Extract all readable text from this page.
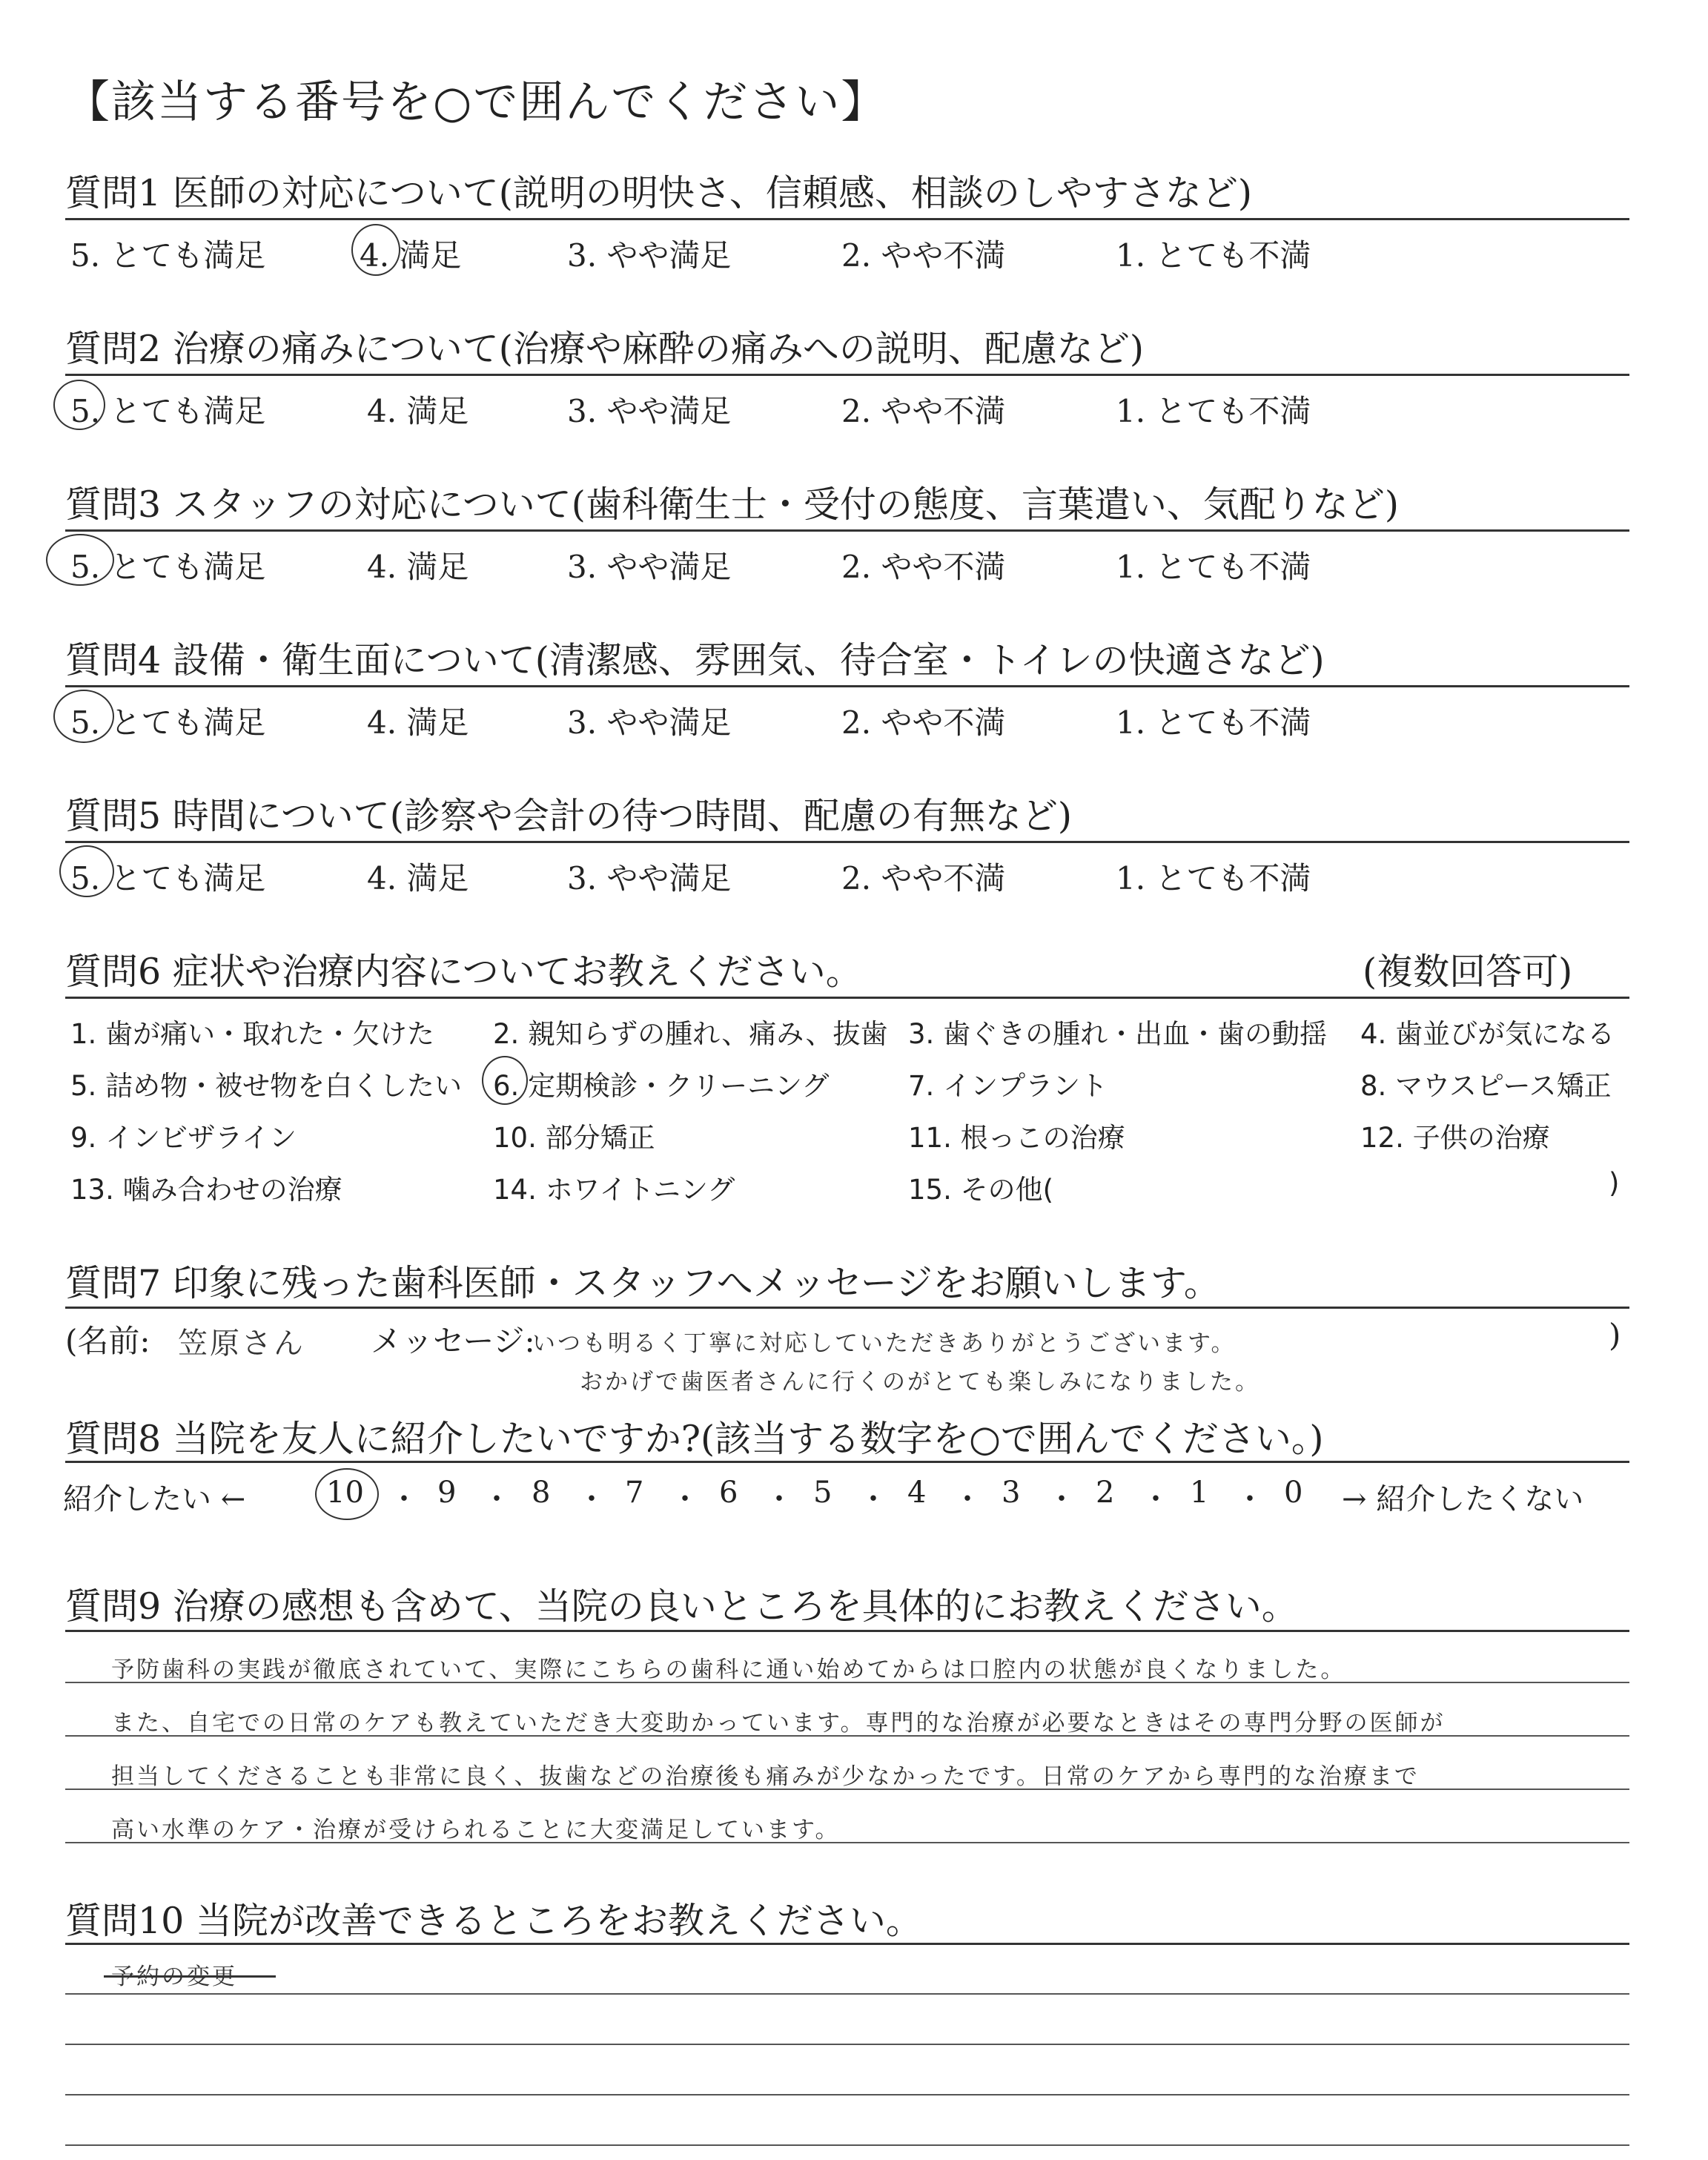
【該当する番号を○で囲んでください】
質問1 医師の対応について(説明の明快さ、信頼感、相談のしやすさなど)
5. とても満足	4. 満足	3. やや満足	2. やや不満	1. とても不満
質問2 治療の痛みについて(治療や麻酔の痛みへの説明、配慮など)
5. とても満足	4. 満足	3. やや満足	2. やや不満	1. とても不満
質問3 スタッフの対応について(歯科衛生士・受付の態度、言葉遣い、気配りなど)
5. とても満足	4. 満足	3. やや満足	2. やや不満	1. とても不満
質問4 設備・衛生面について(清潔感、雰囲気、待合室・トイレの快適さなど)
5. とても満足	4. 満足	3. やや満足	2. やや不満	1. とても不満
質問5 時間について(診察や会計の待つ時間、配慮の有無など)
5. とても満足	4. 満足	3. やや満足	2. やや不満	1. とても不満
質問6 症状や治療内容についてお教えください。	(複数回答可)
1. 歯が痛い・取れた・欠けた 2. 親知らずの腫れ、痛み、抜歯 3. 歯ぐきの腫れ・出血・歯の動揺 4. 歯並びが気になる
5. 詰め物・被せ物を白くしたい 6. 定期検診・クリーニング	7. インプラント	8. マウスピース矯正
9. インビザライン	10. 部分矯正	11. 根っこの治療	12. 子供の治療
13. 噛み合わせの治療	14. ホワイトニング	15. その他(	)
質問7 印象に残った歯科医師・スタッフへメッセージをお願いします。
(名前: 笠原さん メッセージ:
いつも明るく丁寧に対応していただきありがとうございます。
おかげで歯医者さんに行くのがとても楽しみになりました。
)
質問8 当院を友人に紹介したいですか?(該当する数字を○で囲んでください。)
紹介したい ←	10 ・ 9 ・ 8 ・ 7 ・ 6 ・ 5 ・ 4 ・ 3 ・ 2 ・ 1 ・ 0 → 紹介したくない
質問9 治療の感想も含めて、当院の良いところを具体的にお教えください。
予防歯科の実践が徹底されていて、実際にこちらの歯科に通い始めてからは口腔内の状態が良くなりました。
また、自宅での日常のケアも教えていただき大変助かっています。専門的な治療が必要なときはその専門分野の医師が
担当してくださることも非常に良く、抜歯などの治療後も痛みが少なかったです。日常のケアから専門的な治療まで
高い水準のケア・治療が受けられることに大変満足しています。
質問10 当院が改善できるところをお教えください。
予約の変更
